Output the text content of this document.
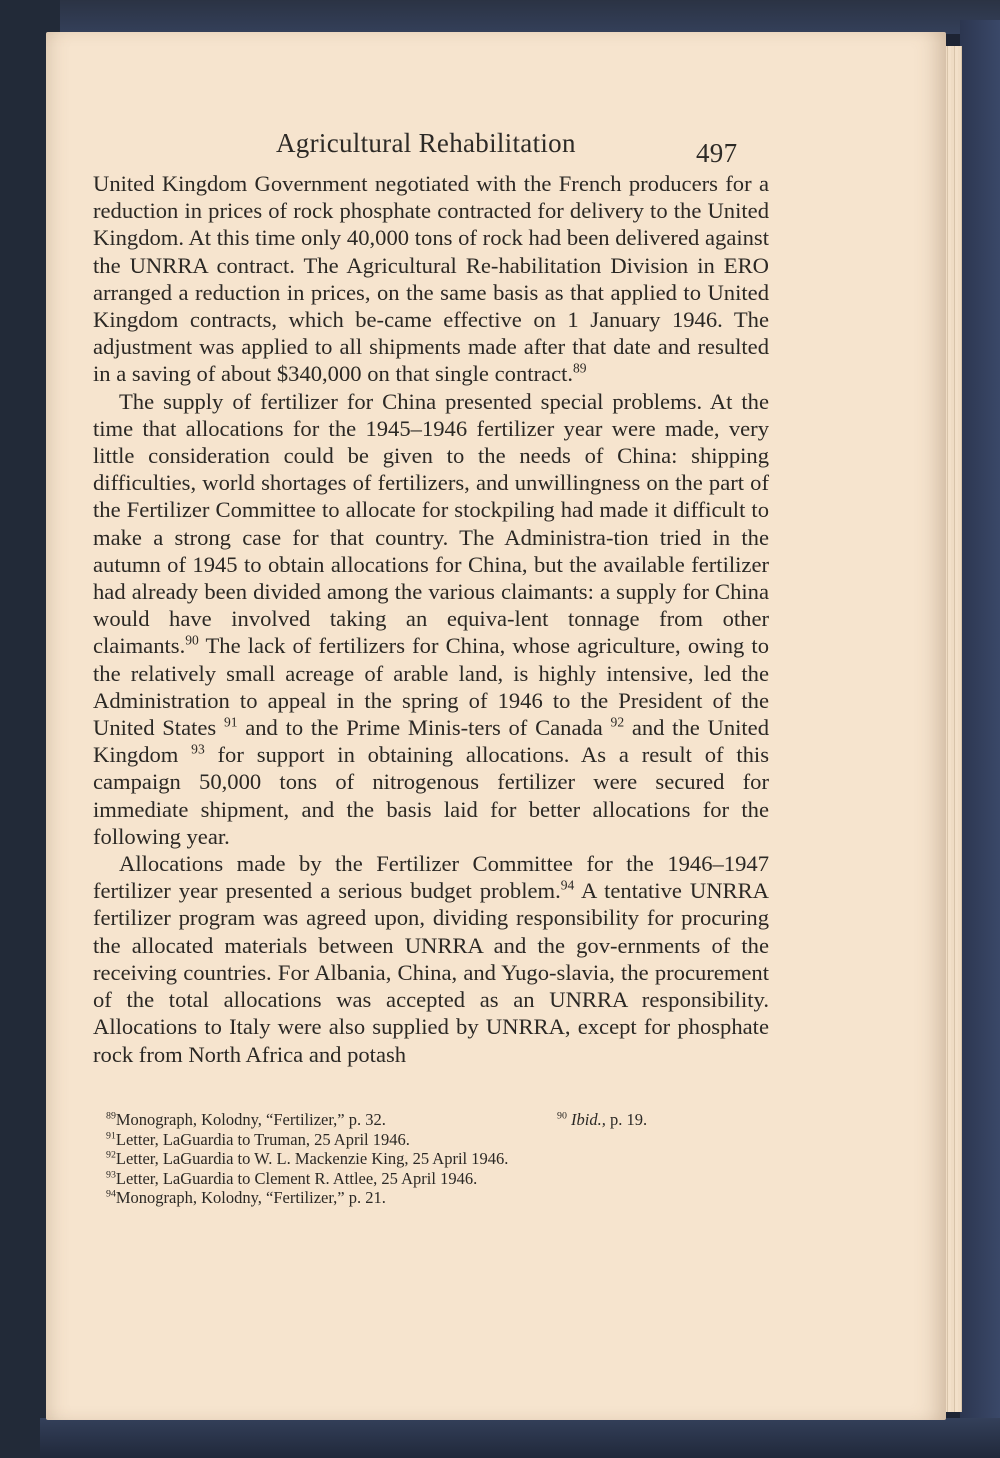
Agricultural Rehabilitation	497

United Kingdom Government negotiated with the French producers for a reduction in prices of rock phosphate contracted for delivery to the United Kingdom. At this time only 40,000 tons of rock had been delivered against the UNRRA contract. The Agricultural Re-habilitation Division in ERO arranged a reduction in prices, on the same basis as that applied to United Kingdom contracts, which be-came effective on 1 January 1946. The adjustment was applied to all shipments made after that date and resulted in a saving of about $340,000 on that single contract.$^{89}$

The supply of fertilizer for China presented special problems. At the time that allocations for the 1945–1946 fertilizer year were made, very little consideration could be given to the needs of China: shipping difficulties, world shortages of fertilizers, and unwillingness on the part of the Fertilizer Committee to allocate for stockpiling had made it difficult to make a strong case for that country. The Administra-tion tried in the autumn of 1945 to obtain allocations for China, but the available fertilizer had already been divided among the various claimants: a supply for China would have involved taking an equiva-lent tonnage from other claimants.$^{90}$ The lack of fertilizers for China, whose agriculture, owing to the relatively small acreage of arable land, is highly intensive, led the Administration to appeal in the spring of 1946 to the President of the United States $^{91}$ and to the Prime Minis-ters of Canada $^{92}$ and the United Kingdom $^{93}$ for support in obtaining allocations. As a result of this campaign 50,000 tons of nitrogenous fertilizer were secured for immediate shipment, and the basis laid for better allocations for the following year.

Allocations made by the Fertilizer Committee for the 1946–1947 fertilizer year presented a serious budget problem.$^{94}$ A tentative UNRRA fertilizer program was agreed upon, dividing responsibility for procuring the allocated materials between UNRRA and the gov-ernments of the receiving countries. For Albania, China, and Yugo-slavia, the procurement of the total allocations was accepted as an UNRRA responsibility. Allocations to Italy were also supplied by UNRRA, except for phosphate rock from North Africa and potash

$^{89}$Monograph, Kolodny, “Fertilizer,” p. 32.	$^{90}$ Ibid., p. 19.
$^{91}$Letter, LaGuardia to Truman, 25 April 1946.
$^{92}$Letter, LaGuardia to W. L. Mackenzie King, 25 April 1946.
$^{93}$Letter, LaGuardia to Clement R. Attlee, 25 April 1946.
$^{94}$Monograph, Kolodny, “Fertilizer,” p. 21.
